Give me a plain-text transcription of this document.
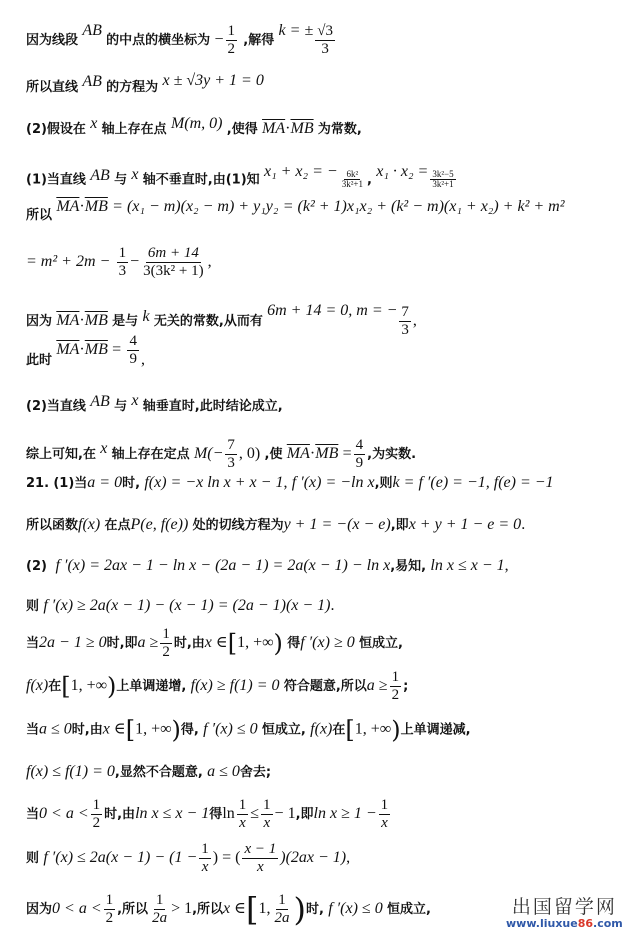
因为线段 AB 的中点的横坐标为 − $\frac{1}{2}$ ,解得 k = ± $\frac{√3}{3}$
所以直线 AB 的方程为 x ± √3y + 1 = 0
(2)假设在 x 轴上存在点 M(m, 0) ,使得 $\overline{MA}\cdot\overline{MB}$ 为常数,
(1)当直线 AB 与 x 轴不垂直时,由(1)知 x₁ + x₂ = − $\frac{\text{6k²}}{\text{3k²+1}}$ , $x_1 \cdot x_2 = \frac{\text{3k²−5}}{\text{3k²+1}}$
所以 $\overline{MA}\cdot\overline{MB} = (x_1 - m)(x_2 - m) + y_1y_2 = (k^2 + 1)x_1x_2 + (k^2 - m)(x_1 + x_2) + k^2 + m^2$
= $m^2 + 2m - \frac{1}{3} - \frac{6m + 14}{\text{3(3k² + 1)}}$ ,
因为 $\overline{MA}\cdot\overline{MB}$ 是与 k 无关的常数,从而有 6m + 14 = 0, m = − $\frac{7}{3}$ ,
此时 $\overline{MA}\cdot\overline{MB} = \frac{4}{9}$ ,
(2)当直线 AB 与 x 轴垂直时,此时结论成立,
综上可知,在 x 轴上存在定点 $M(- \frac{7}{3}$ , 0) ,使 $\overline{MA}\cdot\overline{MB} = \frac{4}{9}$ ,为实数.
21. (1)当a = 0时, f(x) = −x ln x + x − 1, f ′(x) = −ln x,则k = f ′(e) = −1, f(e) = −1
所以函数f(x) 在点P(e, f(e)) 处的切线方程为y + 1 = −(x − e),即x + y + 1 − e = 0.
(2) f ′(x) = 2ax − 1 − ln x − (2a − 1) = 2a(x − 1) − ln x,易知, ln x ≤ x − 1,
则 f ′(x) ≥ 2a(x − 1) − (x − 1) = (2a − 1)(x − 1).
当2a − 1 ≥ 0时,即$a \ge \frac{1}{2}$ 时,由x ∈[1, +∞) 得f ′(x) ≥ 0 恒成立,
f(x)在[1, +∞)上单调递增, f(x) ≥ f(1) = 0 符合题意,所以$a \ge \frac{1}{2}$ ;
当a ≤ 0时,由x ∈[1, +∞)得, f ′(x) ≤ 0 恒成立, f(x)在[1, +∞)上单调递减,
f(x) ≤ f(1) = 0,显然不合题意, a ≤ 0舍去;
当$0 < a < \frac{1}{2}$ 时,由ln x ≤ x − 1得$\ln \frac{1}{x} \le \frac{1}{x} - 1$,即$\ln x \ge 1 - \frac{1}{x}$
则 f $'(x) \le 2a(x - 1) - (1 - \frac{1}{x}$ ) = ( $\frac{x - 1}{x} )(2ax - 1)$,
因为$0 < a < \frac{1}{2}$ ,所以 $\frac{1}{2a} > 1$,所以x ∈[1, $\frac{1}{2a}$ )时, f ′(x) ≤ 0 恒成立,	出国留学网
www.liuxue86.com
